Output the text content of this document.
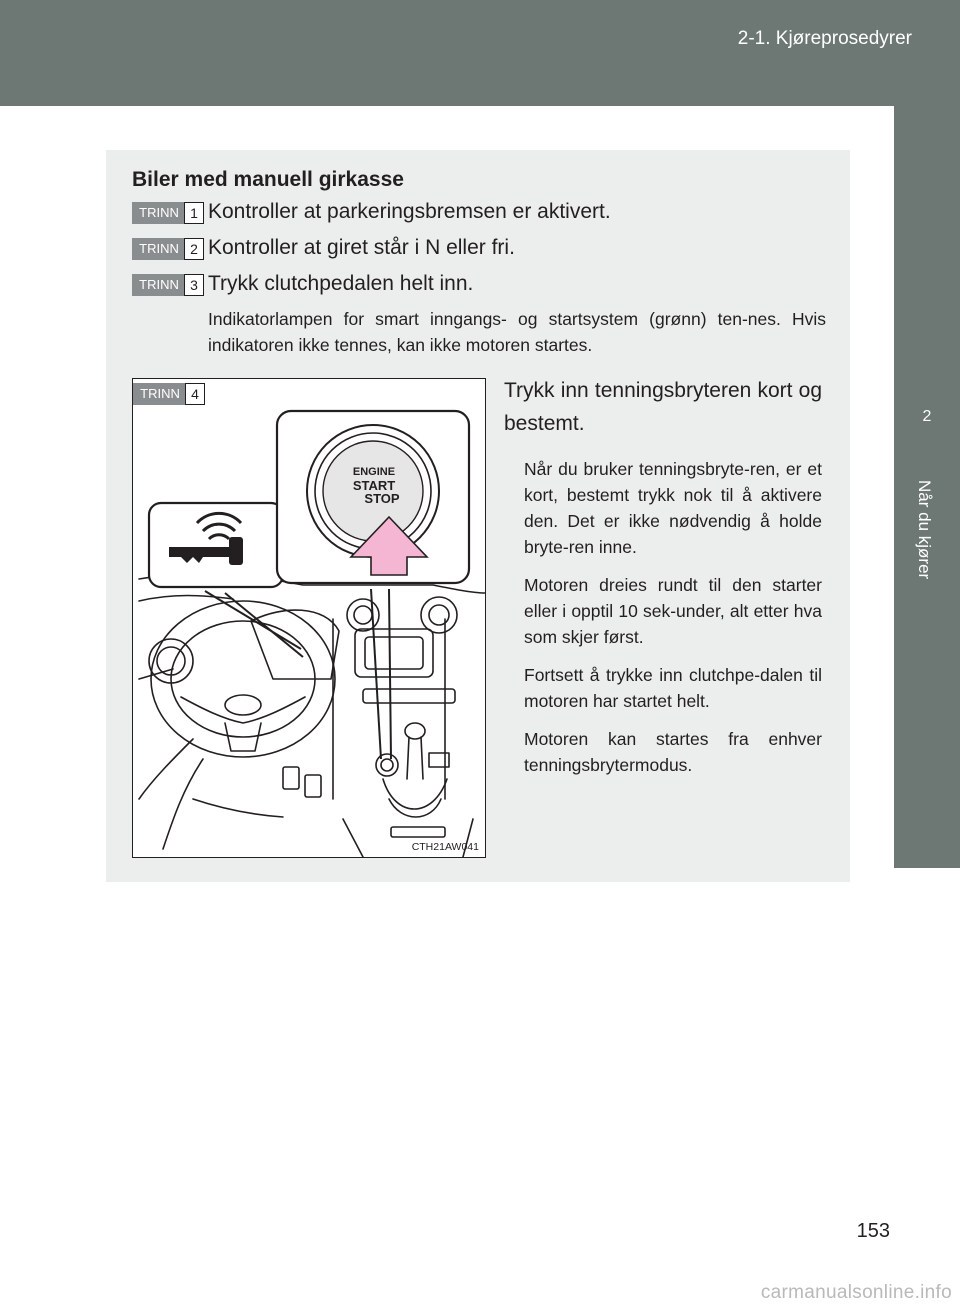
2-1. Kjøreprosedyrer
2
Når du kjører
Biler med manuell girkasse
TRINN 1 Kontroller at parkeringsbremsen er aktivert.
TRINN 2 Kontroller at giret står i N eller fri.
TRINN 3 Trykk clutchpedalen helt inn.
Indikatorlampen for smart inngangs- og startsystem (grønn) ten-nes. Hvis indikatoren ikke tennes, kan ikke motoren startes.
TRINN 4
ENGINE
START
STOP
CTH21AW041
Trykk inn tenningsbryteren kort og bestemt.

Når du bruker tenningsbryte-ren, er et kort, bestemt trykk nok til å aktivere den. Det er ikke nødvendig å holde bryte-ren inne.

Motoren dreies rundt til den starter eller i opptil 10 sek-under, alt etter hva som skjer først.

Fortsett å trykke inn clutchpe-dalen til motoren har startet helt.

Motoren kan startes fra enhver tenningsbrytermodus.

153
carmanualsonline.info
